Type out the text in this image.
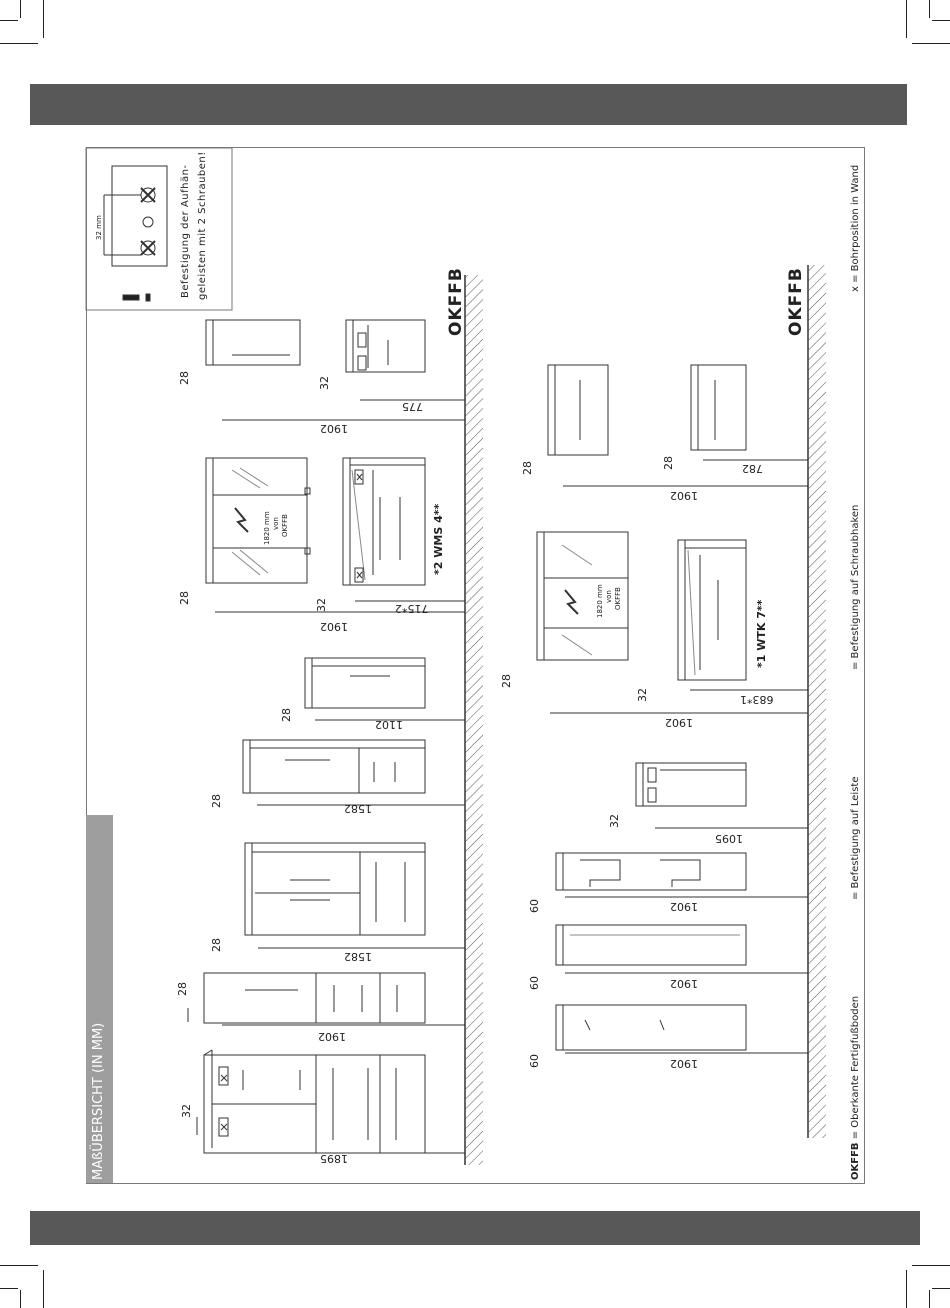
MAßÜBERSICHT (IN MM)
Befestigung der Aufhän- geleisten mit 2 Schrauben!
32 mm
OKFFB	OKFFB
1820 mm von OKFFB
1820 mm von OKFFB
*2 WMS 4**
*1 WTK 7**
1895
1902
1582
1582
1102
1902
715*2
1902
775
1902
1902
1902
1095
1902
683*1
1902
782
32
28
28
28
28
28	32
28	32
60
60
60
32
28
32
28	28
OKFFB = Oberkante Fertigfußboden
= Befestigung auf Leiste
= Befestigung auf Schraubhaken
x = Bohrposition in Wand
